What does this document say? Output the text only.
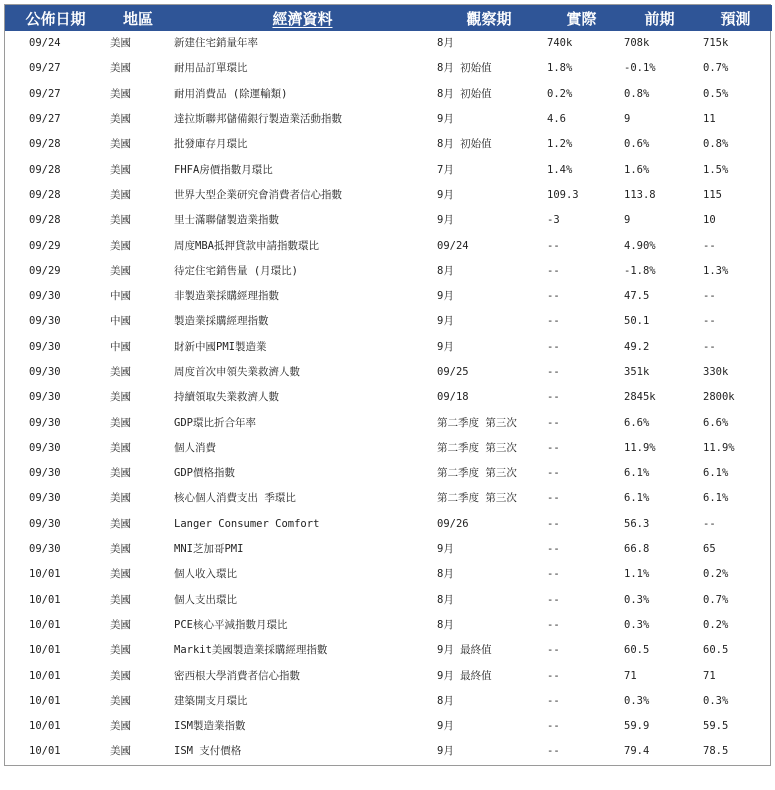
公佈日期	地區	經濟資料	觀察期	實際	前期	預測
09/24	美國	新建住宅銷量年率	8月	740k	708k	715k
09/27	美國	耐用品訂單環比	8月 初始值	1.8%	-0.1%	0.7%
09/27	美國	耐用消費品 (除運輸類)	8月 初始值	0.2%	0.8%	0.5%
09/27	美國	達拉斯聯邦儲備銀行製造業活動指數	9月	4.6	9	11
09/28	美國	批發庫存月環比	8月 初始值	1.2%	0.6%	0.8%
09/28	美國	FHFA房價指數月環比	7月	1.4%	1.6%	1.5%
09/28	美國	世界大型企業研究會消費者信心指數	9月	109.3	113.8	115
09/28	美國	里士滿聯儲製造業指數	9月	-3	9	10
09/29	美國	周度MBA抵押貸款申請指數環比	09/24	--	4.90%	--
09/29	美國	待定住宅銷售量 (月環比)	8月	--	-1.8%	1.3%
09/30	中國	非製造業採購經理指數	9月	--	47.5	--
09/30	中國	製造業採購經理指數	9月	--	50.1	--
09/30	中國	財新中國PMI製造業	9月	--	49.2	--
09/30	美國	周度首次申領失業救濟人數	09/25	--	351k	330k
09/30	美國	持續領取失業救濟人數	09/18	--	2845k	2800k
09/30	美國	GDP環比折合年率	第二季度 第三次	--	6.6%	6.6%
09/30	美國	個人消費	第二季度 第三次	--	11.9%	11.9%
09/30	美國	GDP價格指數	第二季度 第三次	--	6.1%	6.1%
09/30	美國	核心個人消費支出 季環比	第二季度 第三次	--	6.1%	6.1%
09/30	美國	Langer Consumer Comfort	09/26	--	56.3	--
09/30	美國	MNI芝加哥PMI	9月	--	66.8	65
10/01	美國	個人收入環比	8月	--	1.1%	0.2%
10/01	美國	個人支出環比	8月	--	0.3%	0.7%
10/01	美國	PCE核心平減指數月環比	8月	--	0.3%	0.2%
10/01	美國	Markit美國製造業採購經理指數	9月 最終值	--	60.5	60.5
10/01	美國	密西根大學消費者信心指數	9月 最終值	--	71	71
10/01	美國	建築開支月環比	8月	--	0.3%	0.3%
10/01	美國	ISM製造業指數	9月	--	59.9	59.5
10/01	美國	ISM 支付價格	9月	--	79.4	78.5
